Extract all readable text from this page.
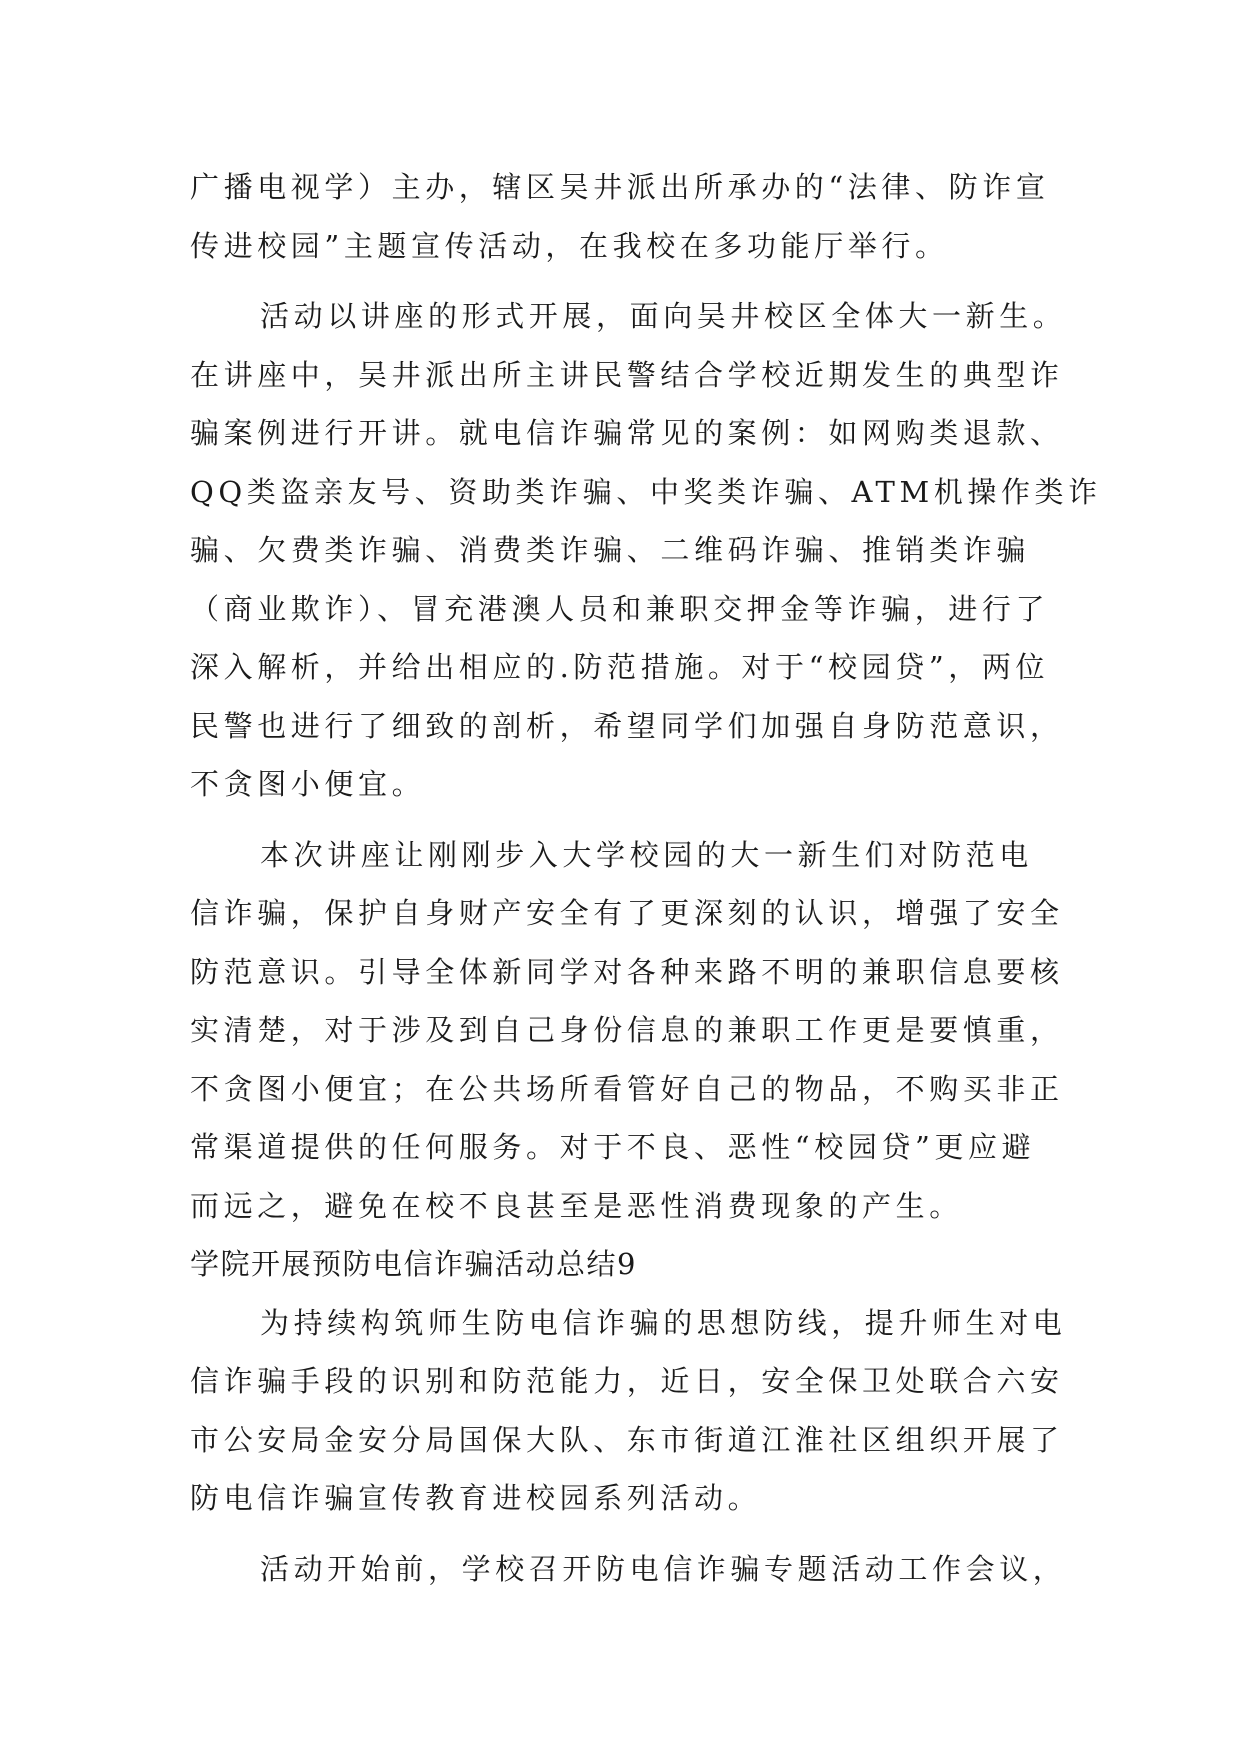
广播电视学）主办，辖区吴井派出所承办的“法律、防诈宣
传进校园”主题宣传活动，在我校在多功能厅举行。
活动以讲座的形式开展，面向吴井校区全体大一新生。
在讲座中，吴井派出所主讲民警结合学校近期发生的典型诈
骗案例进行开讲。就电信诈骗常见的案例：如网购类退款、
QQ类盗亲友号、资助类诈骗、中奖类诈骗、ATM机操作类诈
骗、欠费类诈骗、消费类诈骗、二维码诈骗、推销类诈骗
（商业欺诈）、冒充港澳人员和兼职交押金等诈骗，进行了
深入解析，并给出相应的.防范措施。对于“校园贷”，两位
民警也进行了细致的剖析，希望同学们加强自身防范意识，
不贪图小便宜。
本次讲座让刚刚步入大学校园的大一新生们对防范电
信诈骗，保护自身财产安全有了更深刻的认识，增强了安全
防范意识。引导全体新同学对各种来路不明的兼职信息要核
实清楚，对于涉及到自己身份信息的兼职工作更是要慎重，
不贪图小便宜；在公共场所看管好自己的物品，不购买非正
常渠道提供的任何服务。对于不良、恶性“校园贷”更应避
而远之，避免在校不良甚至是恶性消费现象的产生。
学院开展预防电信诈骗活动总结9
为持续构筑师生防电信诈骗的思想防线，提升师生对电
信诈骗手段的识别和防范能力，近日，安全保卫处联合六安
市公安局金安分局国保大队、东市街道江淮社区组织开展了
防电信诈骗宣传教育进校园系列活动。
活动开始前，学校召开防电信诈骗专题活动工作会议，
